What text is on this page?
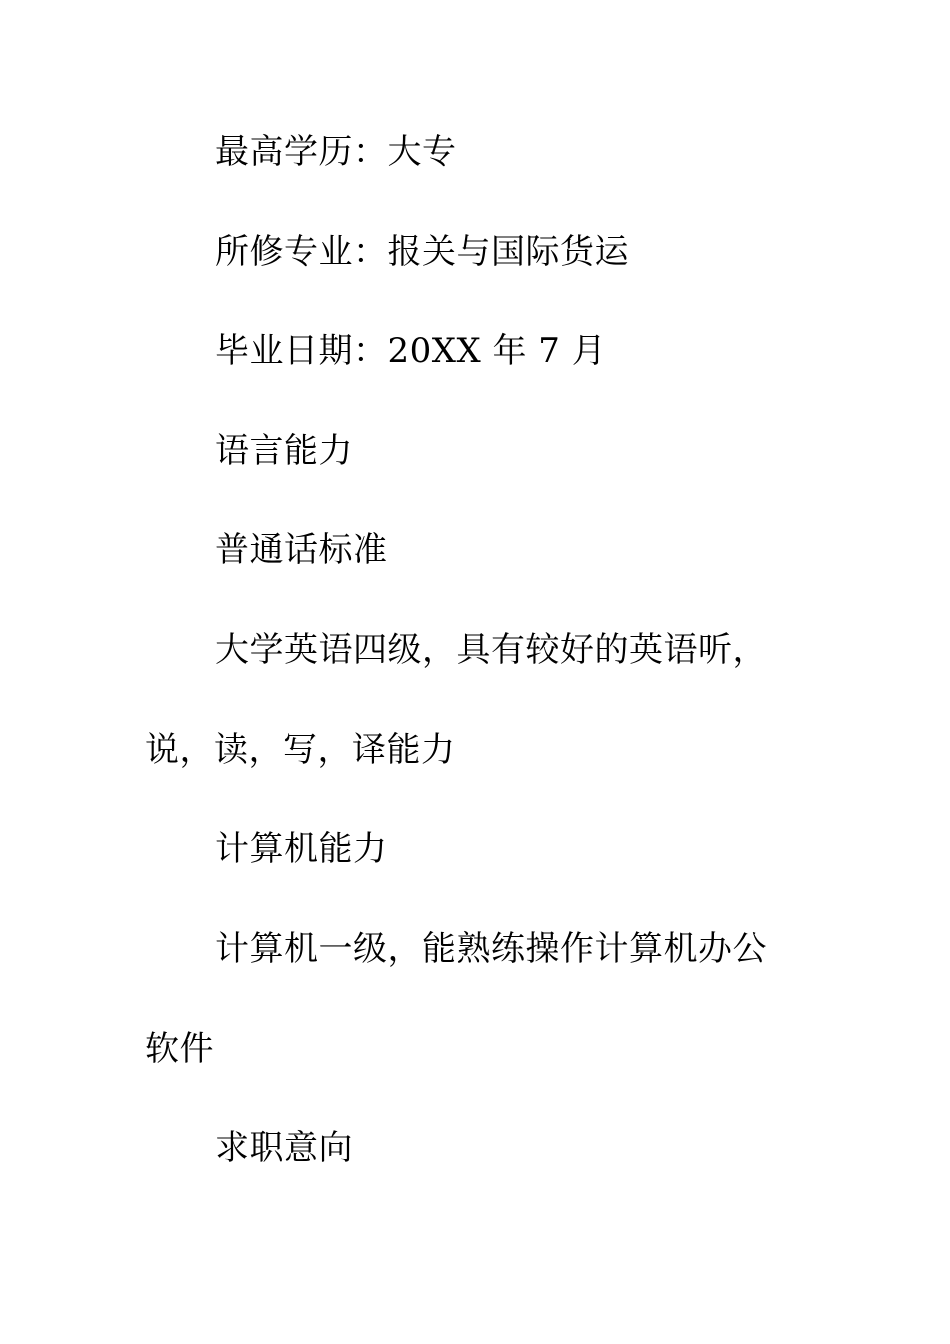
最高学历：大专
所修专业：报关与国际货运
毕业日期：20XX 年 7 月
语言能力
普通话标准
大学英语四级，具有较好的英语听，
说，读，写，译能力
计算机能力
计算机一级，能熟练操作计算机办公
软件
求职意向
